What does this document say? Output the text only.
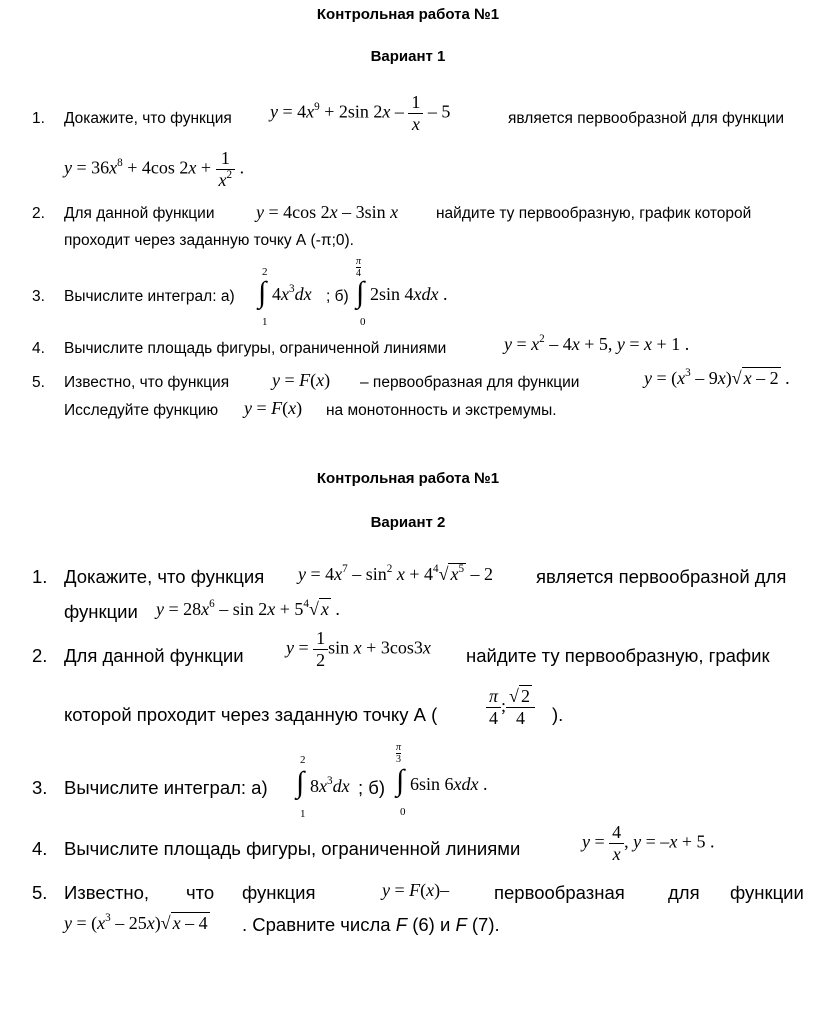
Контрольная работа №1
Вариант 1
1. Докажите, что функция $y = 4x^9 + 2\sin$ $2x - \frac{1}{x} - 5$	является первообразной для функции
$y = 36x^8 + 4\cos$ $2x + \frac{1}{x^2}$ .
2. Для данной функции y = 4cos 2x – 3sin x найдите ту первообразную, график которой
проходит через заданную точку А (-π;0).
3. Вычислите интеграл: а)
2
∫
1
$4x^3dx$ ; б)
π
4
∫
0
2sin 4xdx .
4. Вычислите площадь фигуры, ограниченной линиями	$y = x^2 - 4x + 5$, y = x + 1 .
5. Известно, что функция y = F(x) – первообразная для функции	$y = (x^3 - 9x)√$ x – 2 .
Исследуйте функцию y = F(x) на монотонность и экстремумы.
Контрольная работа №1
Вариант 2
1. Докажите, что функция $y = 4x^7 - \sin^2 x + 4^4√$ $x^5 - 2$ является первообразной для
функции $y = 28x^6 - \sin 2x + 5^4√$ x .
2. Для данной функции $y = \frac{1}{2}$ sin x + 3cos3x найдите ту первообразную, график
которой проходит через заданную точку А (	$\frac{\pi}{4}$ ; $\frac{√ 2}{4}$ ).
3. Вычислите интеграл: а)
2
∫
1
$8x^3dx$ ; б)
π
3
∫
0
6sin 6xdx .
4. Вычислите площадь фигуры, ограниченной линиями	$y = \frac{4}{x}$ , y = –x + 5 .
5. Известно, что функция	y = F(x)– первообразная для функции
$y = (x^3 - 25x)√$ x – 4 . Сравните числа F (6) и F (7).
